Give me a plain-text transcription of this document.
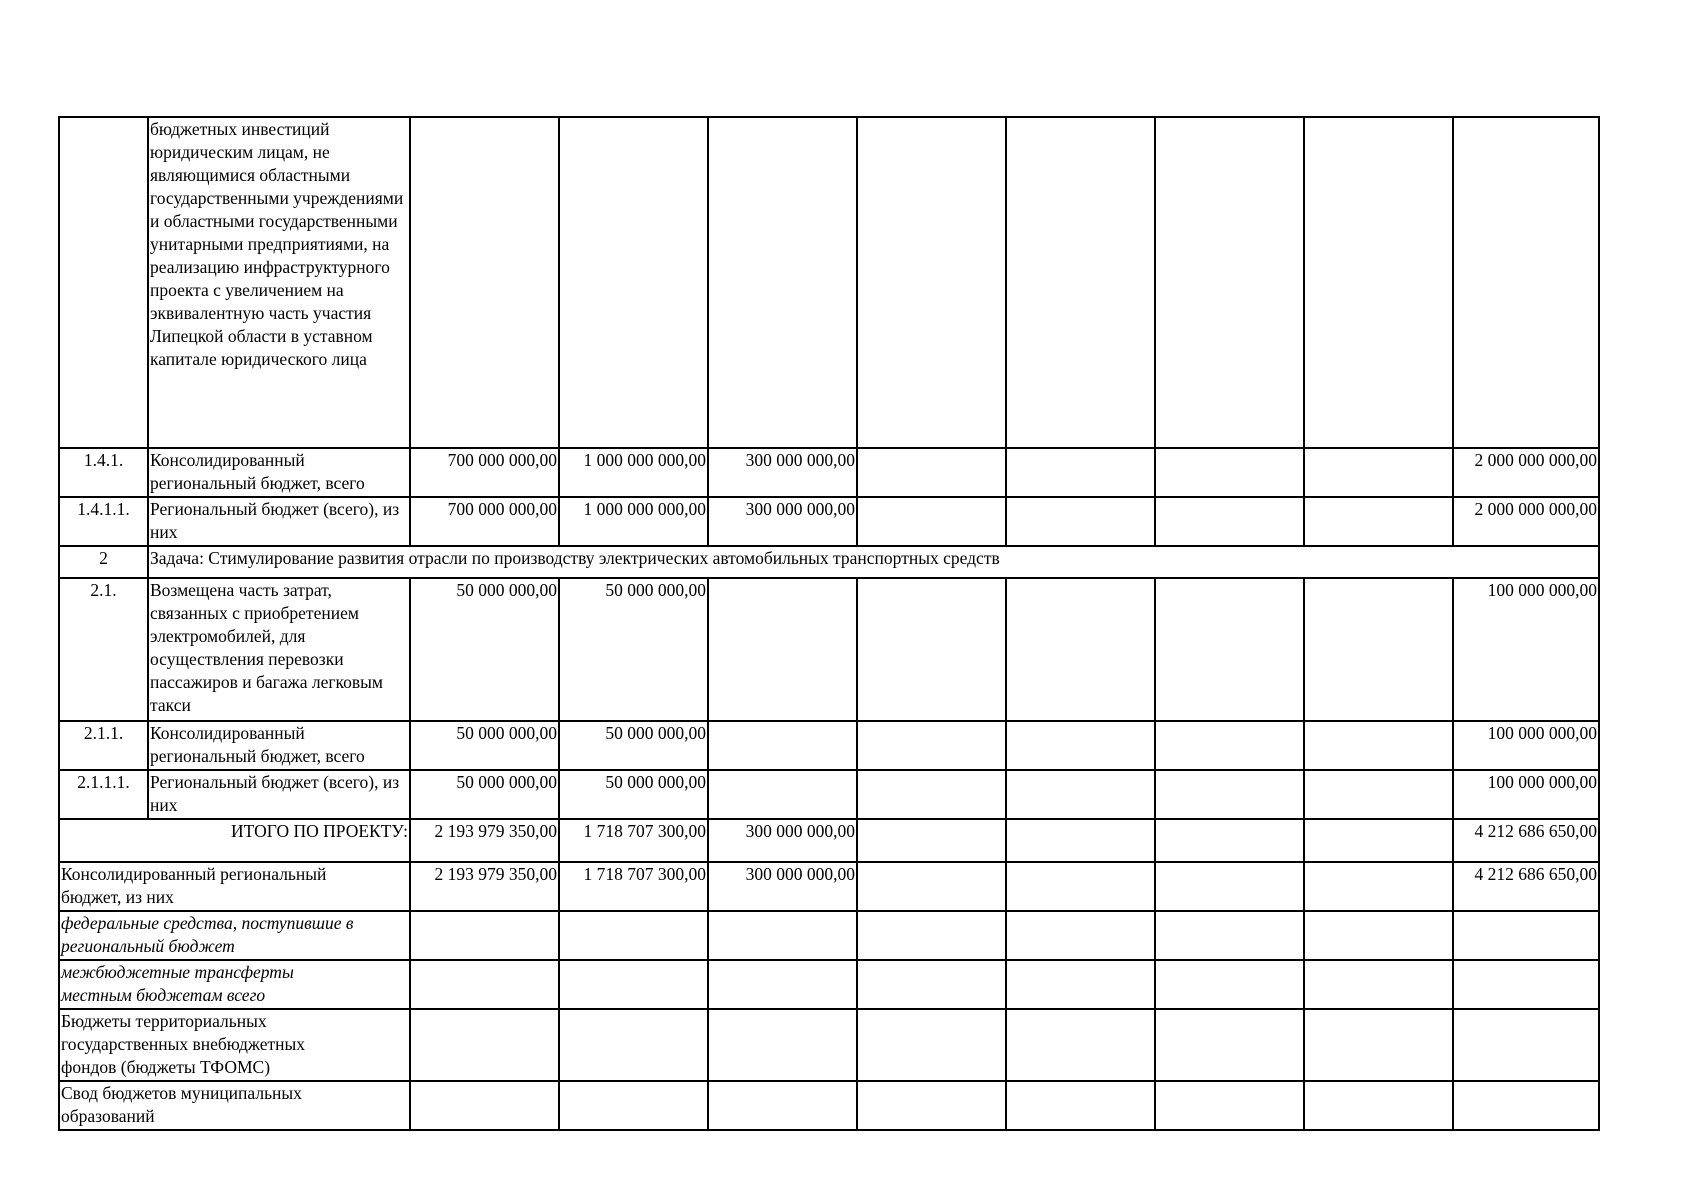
	бюджетных инвестиций юридическим лицам, не являющимися областными государственными учреждениями и областными государственными унитарными предприятиями, на реализацию инфраструктурного проекта с увеличением на эквивалентную часть участия Липецкой области в уставном капитале юридического лица								
1.4.1.	Консолидированный региональный бюджет, всего	700 000 000,00	1 000 000 000,00	300 000 000,00					2 000 000 000,00
1.4.1.1.	Региональный бюджет (всего), из них	700 000 000,00	1 000 000 000,00	300 000 000,00					2 000 000 000,00
2	Задача: Стимулирование развития отрасли по производству электрических автомобильных транспортных средств								
2.1.	Возмещена часть затрат, связанных с приобретением электромобилей, для осуществления перевозки пассажиров и багажа легковым такси	50 000 000,00	50 000 000,00						100 000 000,00
2.1.1.	Консолидированный региональный бюджет, всего	50 000 000,00	50 000 000,00						100 000 000,00
2.1.1.1.	Региональный бюджет (всего), из них	50 000 000,00	50 000 000,00						100 000 000,00
ИТОГО ПО ПРОЕКТУ:		2 193 979 350,00	1 718 707 300,00	300 000 000,00					4 212 686 650,00
Консолидированный региональный бюджет, из них		2 193 979 350,00	1 718 707 300,00	300 000 000,00					4 212 686 650,00
федеральные средства, поступившие в региональный бюджет									
межбюджетные трансферты местным бюджетам всего									
Бюджеты территориальных государственных внебюджетных фондов (бюджеты ТФОМС)									
Свод бюджетов муниципальных образований									
